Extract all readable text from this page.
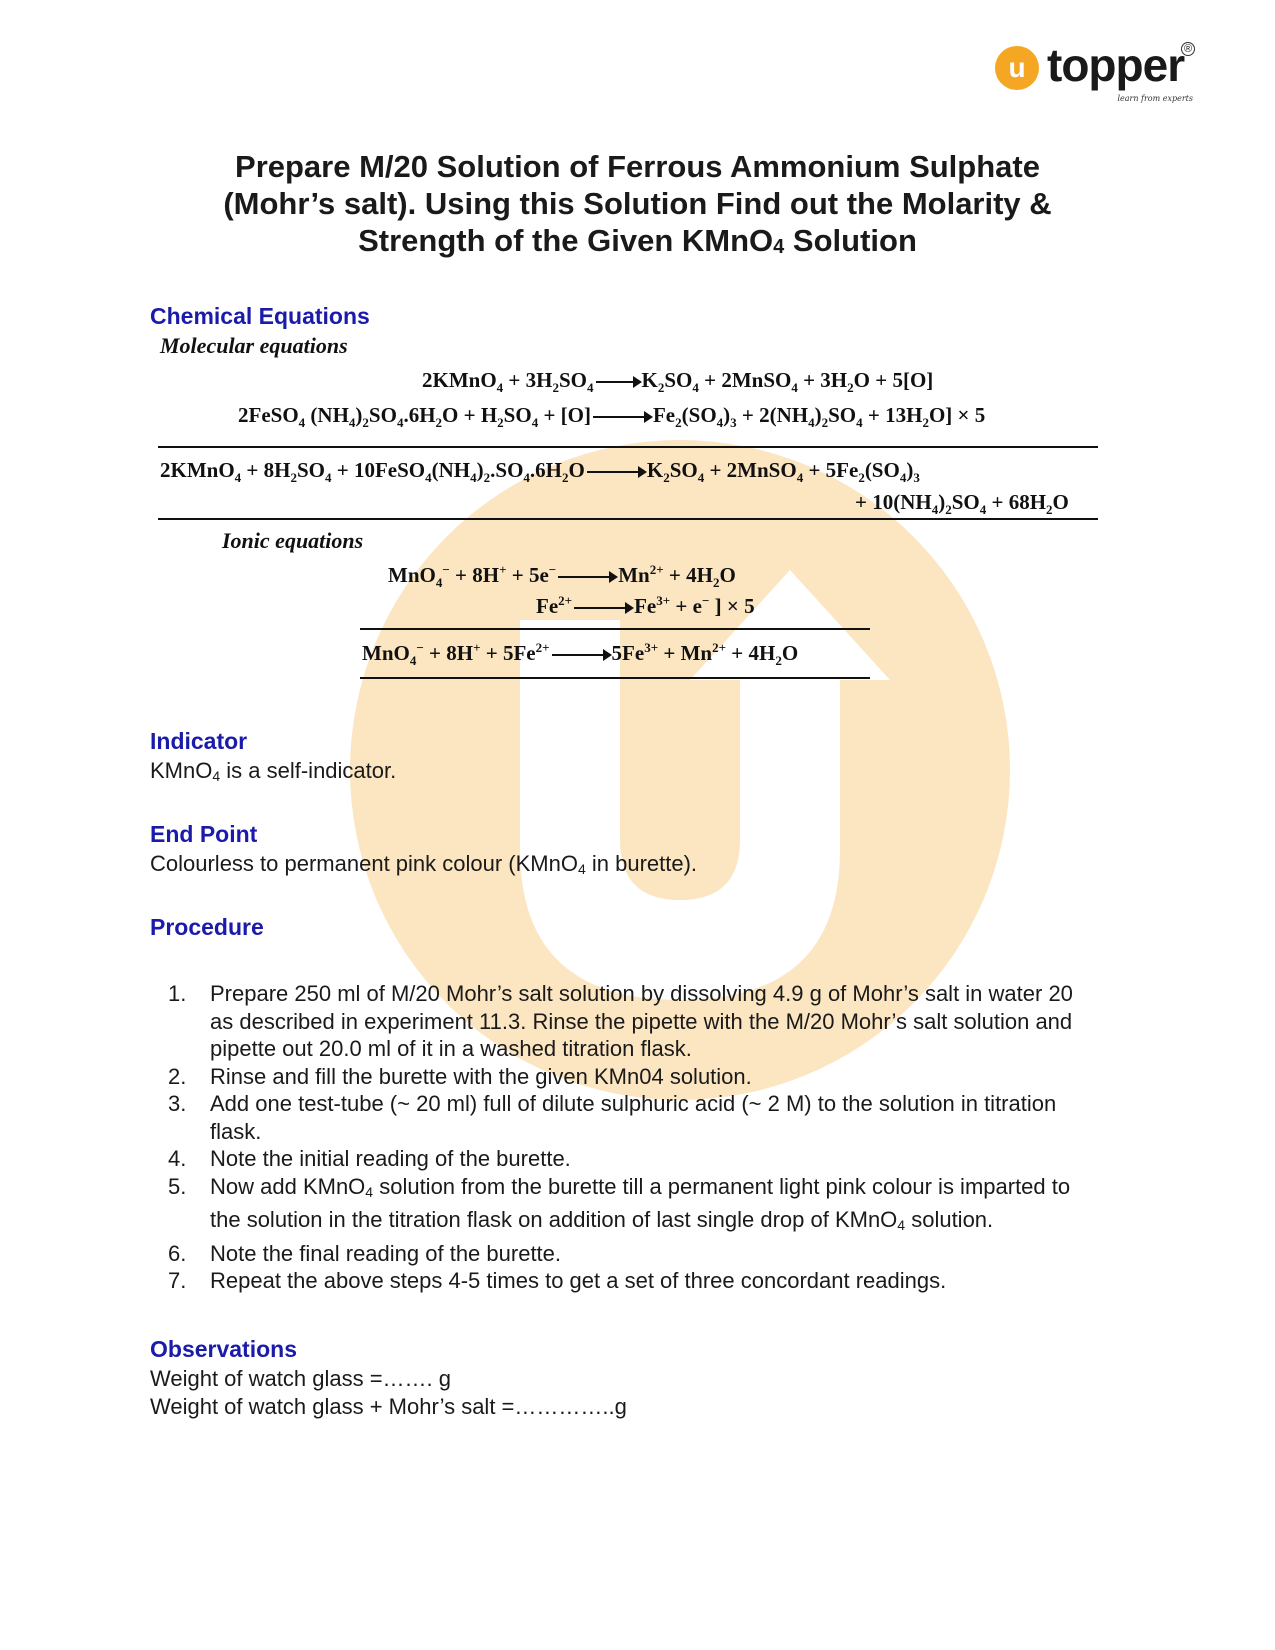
u topper ®
learn from experts
Prepare M/20 Solution of Ferrous Ammonium Sulphate
(Mohr’s salt). Using this Solution Find out the Molarity &
Strength of the Given KMnO4 Solution
Chemical Equations
Molecular equations
2KMnO$_4$ + $3H_2SO_4$ $K_2SO_4$ + 2MnSO$_4$ + $3H_2O + 5[O]$
2FeSO$_4$ $(NH_4)_2SO_4.6H_2O + H_2SO_4 + [O]$	$Fe_2(SO_4)_3 + 2(NH_4)_2SO_4 + 13H_2O] \times 5$
2KMnO$_4$ + $8H_2SO_4$ + $10FeSO_4(NH_4)_2.SO_4.6H_2O$	$K_2SO_4$ + 2MnSO$_4$ + $5Fe_2(SO_4)_3$
+ $10(NH_4)_2SO_4 + 68H_2O$
Ionic equations
MnO$_4$− + 8H+ + 5e−	$Mn^{2+} + 4H_2O$
$Fe^{2+}$	$Fe^{3+} + e^-$ ] × 5
$MnO_4^- + 8H^+ + 5Fe^{2+}$	$5Fe^{3+} + Mn^{2+} + 4H_2O$
Indicator
KMnO4 is a self-indicator.
End Point
Colourless to permanent pink colour (KMnO4 in burette).
Procedure
1. Prepare 250 ml of M/20 Mohr’s salt solution by dissolving 4.9 g of Mohr’s salt in water 20 as described in experiment 11.3. Rinse the pipette with the M/20 Mohr’s salt solution and pipette out 20.0 ml of it in a washed titration flask.
2. Rinse and fill the burette with the given KMn04 solution.
3. Add one test-tube (~ 20 ml) full of dilute sulphuric acid (~ 2 M) to the solution in titration flask.
4. Note the initial reading of the burette.
5. Now add KMnO4 solution from the burette till a permanent light pink colour is imparted to the solution in the titration flask on addition of last single drop of KMnO4 solution.
6. Note the final reading of the burette.
7. Repeat the above steps 4-5 times to get a set of three concordant readings.
Observations
Weight of watch glass =……. g
Weight of watch glass + Mohr’s salt =…………..g
